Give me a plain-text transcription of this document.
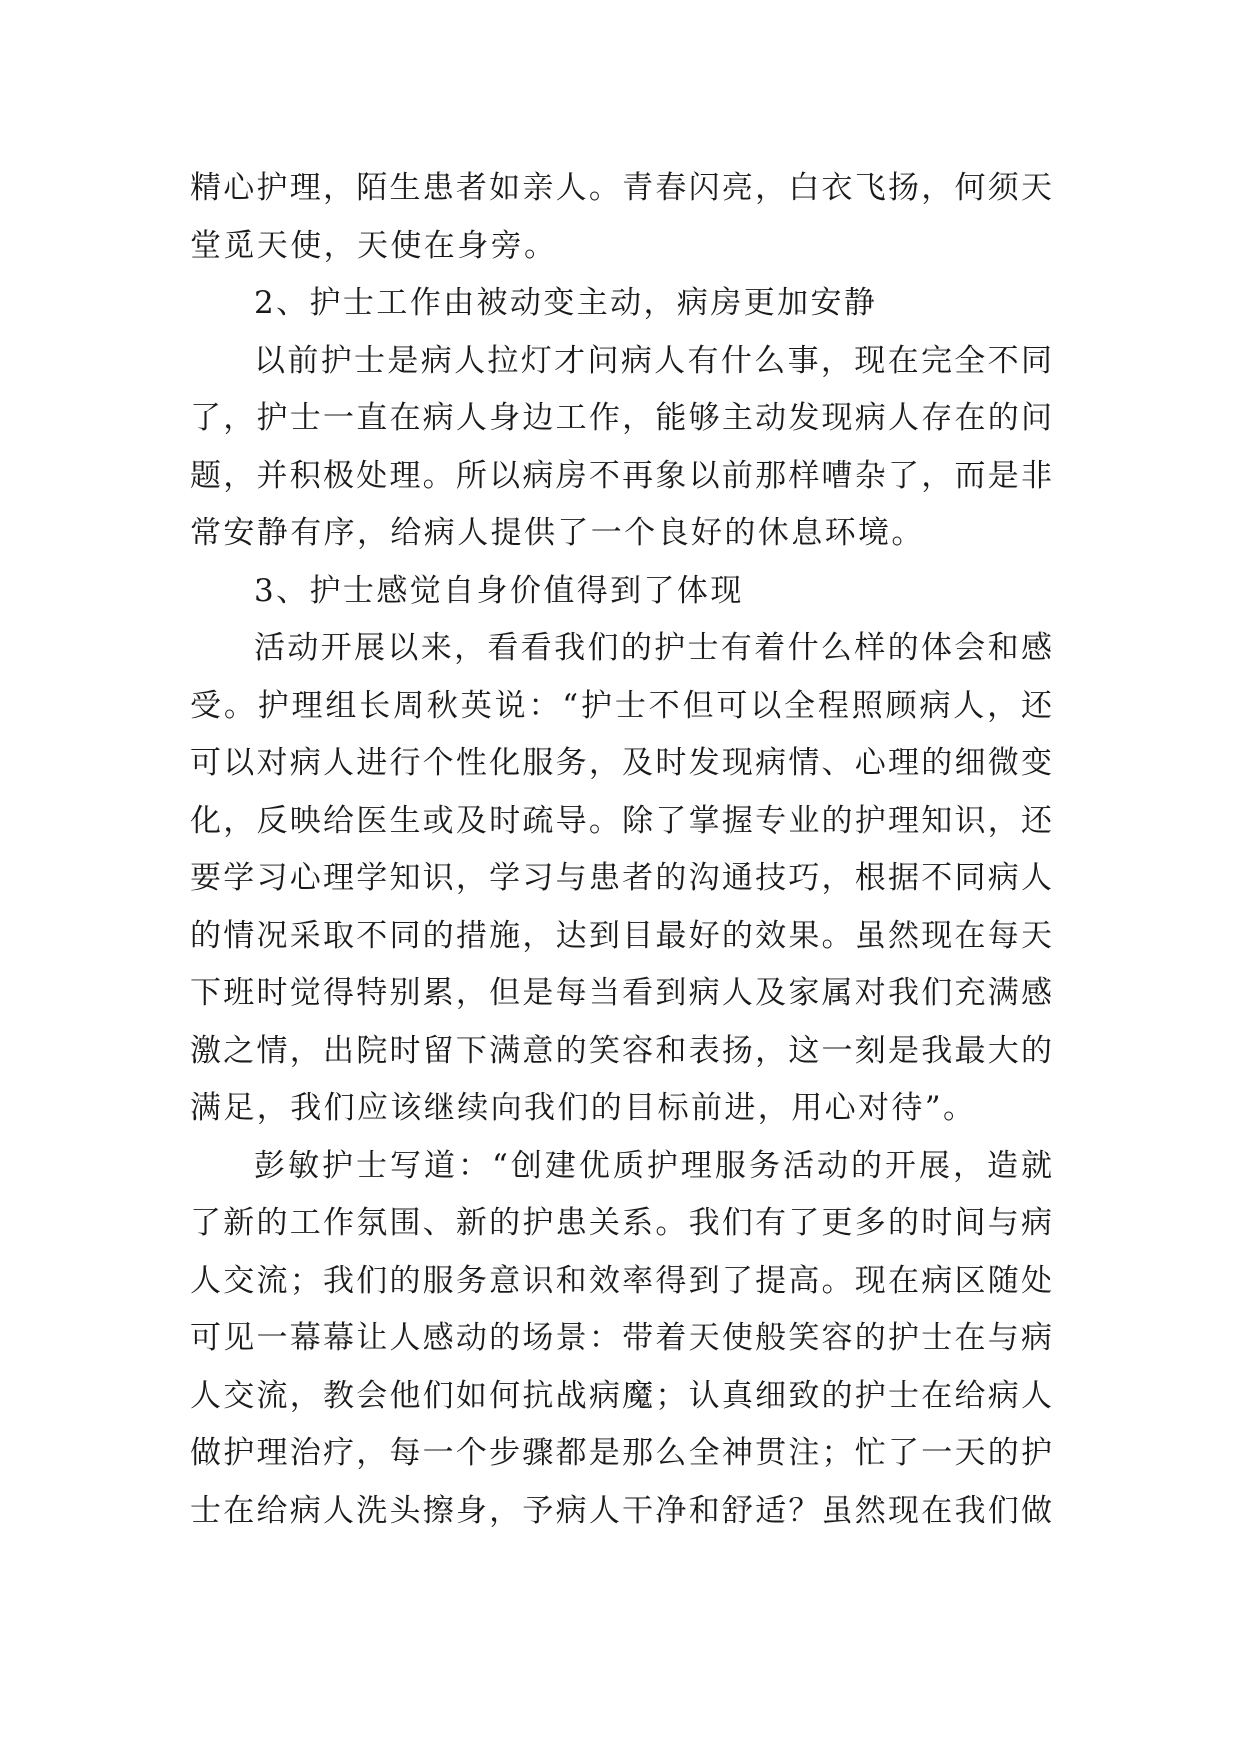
精心护理，陌生患者如亲人。青春闪亮，白衣飞扬，何须天
堂觅天使，天使在身旁。
2、护士工作由被动变主动，病房更加安静
以前护士是病人拉灯才问病人有什么事，现在完全不同
了，护士一直在病人身边工作，能够主动发现病人存在的问
题，并积极处理。所以病房不再象以前那样嘈杂了，而是非
常安静有序，给病人提供了一个良好的休息环境。
3、护士感觉自身价值得到了体现
活动开展以来，看看我们的护士有着什么样的体会和感
受。护理组长周秋英说：“护士不但可以全程照顾病人，还
可以对病人进行个性化服务，及时发现病情、心理的细微变
化，反映给医生或及时疏导。除了掌握专业的护理知识，还
要学习心理学知识，学习与患者的沟通技巧，根据不同病人
的情况采取不同的措施，达到目最好的效果。虽然现在每天
下班时觉得特别累，但是每当看到病人及家属对我们充满感
激之情，出院时留下满意的笑容和表扬，这一刻是我最大的
满足，我们应该继续向我们的目标前进，用心对待”。
彭敏护士写道：“创建优质护理服务活动的开展，造就
了新的工作氛围、新的护患关系。我们有了更多的时间与病
人交流；我们的服务意识和效率得到了提高。现在病区随处
可见一幕幕让人感动的场景：带着天使般笑容的护士在与病
人交流，教会他们如何抗战病魔；认真细致的护士在给病人
做护理治疗，每一个步骤都是那么全神贯注；忙了一天的护
士在给病人洗头擦身，予病人干净和舒适？虽然现在我们做
